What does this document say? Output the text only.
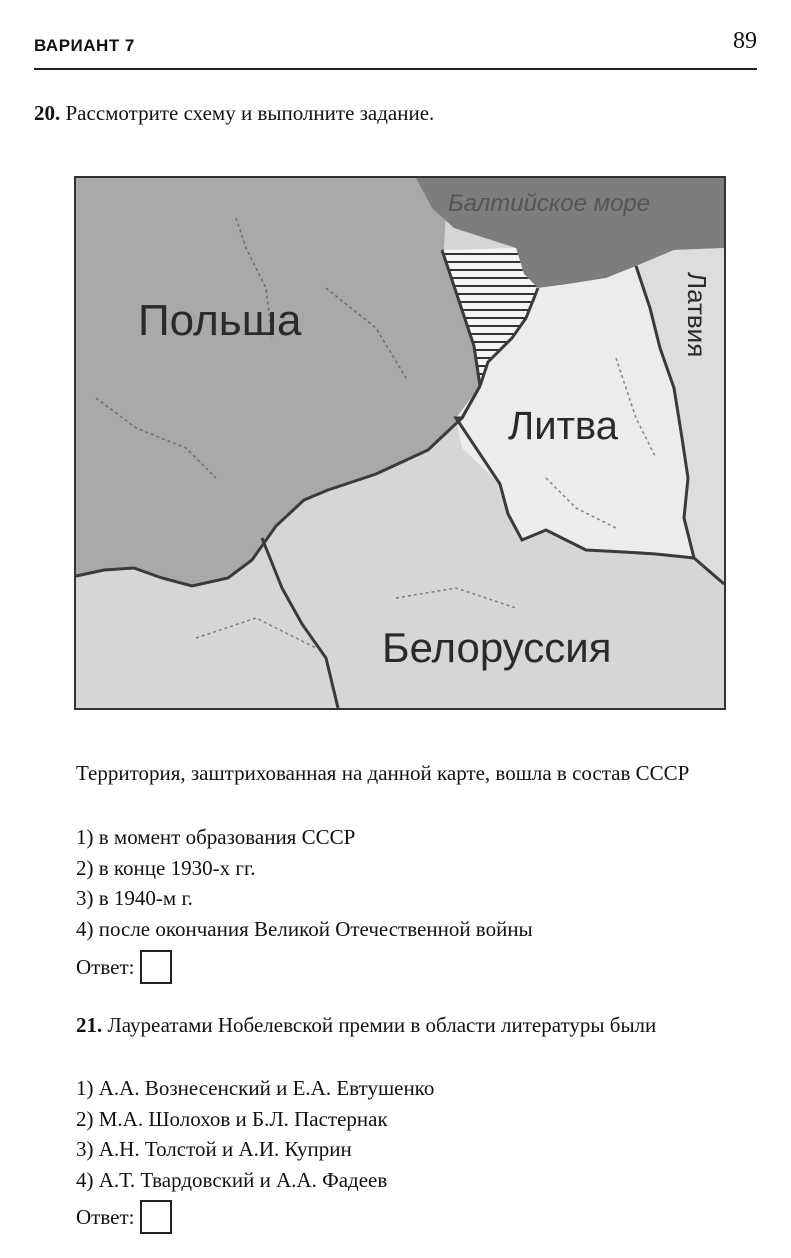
ВАРИАНТ 7	89
20. Рассмотрите схему и выполните задание.
Балтийское море
Польша
Литва
Белоруссия
Латвия
Территория, заштрихованная на данной карте, вошла в состав СССР
1) в момент образования СССР
2) в конце 1930-х гг.
3) в 1940-м г.
4) после окончания Великой Отечественной войны
Ответ:
21. Лауреатами Нобелевской премии в области литературы были
1) А.А. Вознесенский и Е.А. Евтушенко
2) М.А. Шолохов и Б.Л. Пастернак
3) А.Н. Толстой и А.И. Куприн
4) А.Т. Твардовский и А.А. Фадеев
Ответ:
